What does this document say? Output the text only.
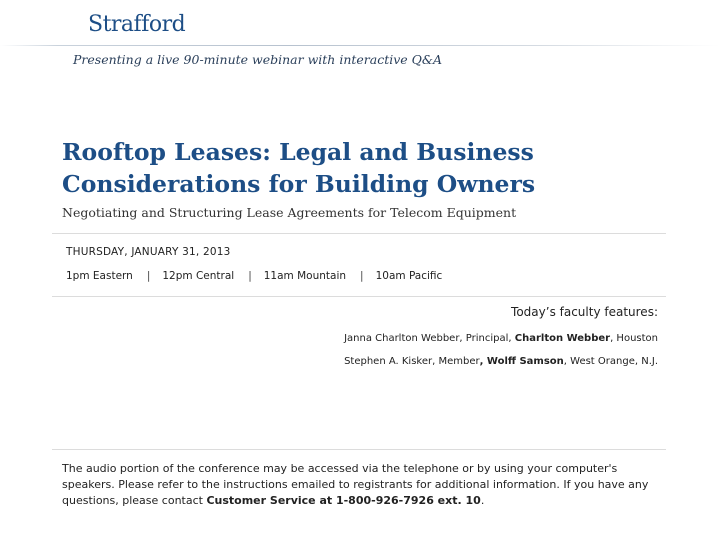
Strafford
Presenting a live 90-minute webinar with interactive Q&A
Rooftop Leases: Legal and Business Considerations for Building Owners
Negotiating and Structuring Lease Agreements for Telecom Equipment
THURSDAY, JANUARY 31, 2013
1pm Eastern | 12pm Central | 11am Mountain | 10am Pacific
Today’s faculty features:
Janna Charlton Webber, Principal, Charlton Webber, Houston
Stephen A. Kisker, Member, Wolff Samson, West Orange, N.J.
The audio portion of the conference may be accessed via the telephone or by using your computer's speakers. Please refer to the instructions emailed to registrants for additional information. If you have any questions, please contact Customer Service at 1-800-926-7926 ext. 10.
